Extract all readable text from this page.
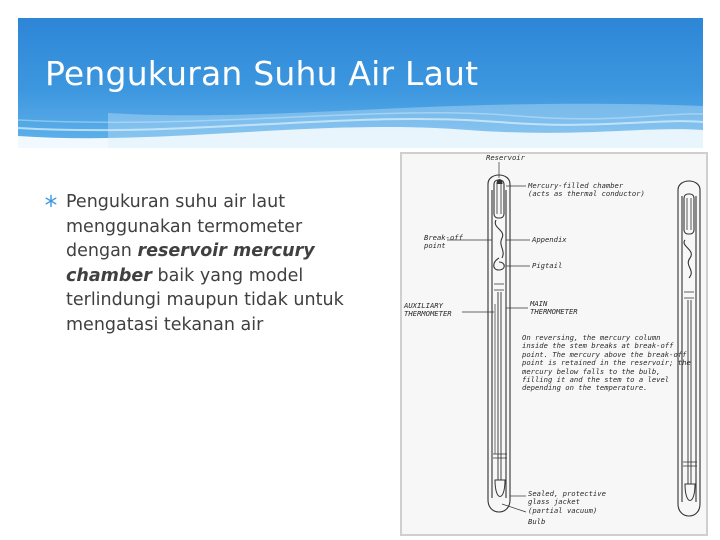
Pengukuran Suhu Air Laut
Pengukuran suhu air laut menggunakan termometer dengan reservoir mercury chamber baik yang model terlindungi maupun tidak untuk mengatasi tekanan air
Reservoir
Mercury-filled chamber
(acts as thermal conductor)
Break-off
point
Appendix
Pigtail
AUXILIARY
THERMOMETER
MAIN
THERMOMETER
On reversing, the mercury column
inside the stem breaks at break-off
point. The mercury above the break-off
point is retained in the reservoir; the
mercury below falls to the bulb,
filling it and the stem to a level
depending on the temperature.
Sealed, protective
glass jacket
(partial vacuum)
Bulb
